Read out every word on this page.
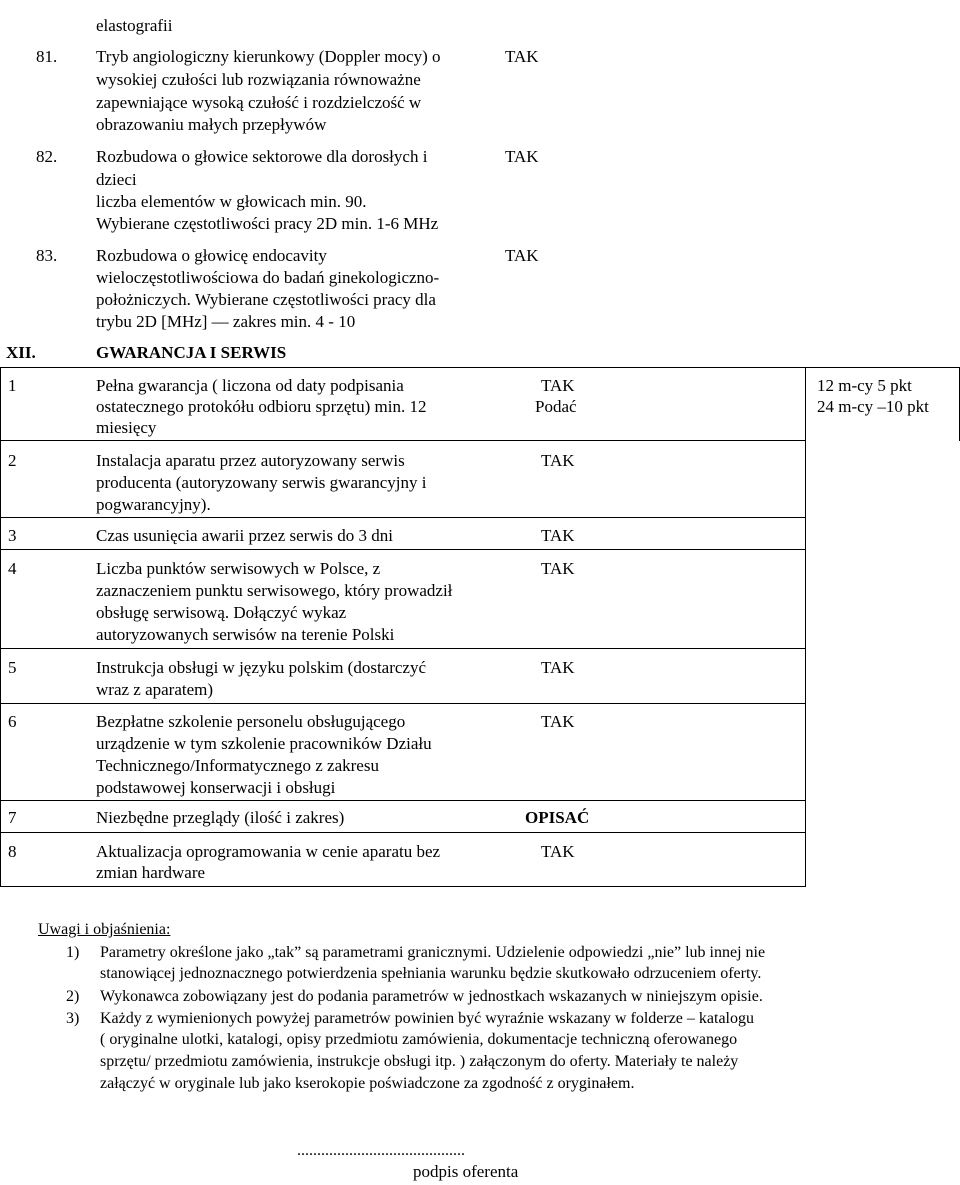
elastografii
81. Tryb angiologiczny kierunkowy (Doppler mocy) o
wysokiej czułości lub rozwiązania równoważne
zapewniające wysoką czułość i rozdzielczość w
obrazowaniu małych przepływów
TAK
82. Rozbudowa o głowice sektorowe dla dorosłych i
dzieci
liczba elementów w głowicach min. 90.
Wybierane częstotliwości pracy 2D min. 1-6 MHz
TAK
83. Rozbudowa o głowicę endocavity
wieloczęstotliwościowa do badań ginekologiczno-
położniczych. Wybierane częstotliwości pracy dla
trybu 2D [MHz] — zakres min. 4 - 10
TAK
XII.	GWARANCJA I SERWIS
1	Pełna gwarancja ( liczona od daty podpisania
ostatecznego protokółu odbioru sprzętu) min. 12
miesięcy
TAK
Podać
12 m-cy 5 pkt
24 m-cy –10 pkt
2	Instalacja aparatu przez autoryzowany serwis
producenta (autoryzowany serwis gwarancyjny i
pogwarancyjny).
TAK
3	Czas usunięcia awarii przez serwis do 3 dni	TAK
4	Liczba punktów serwisowych w Polsce, z
zaznaczeniem punktu serwisowego, który prowadził
obsługę serwisową. Dołączyć wykaz
autoryzowanych serwisów na terenie Polski
TAK
5	Instrukcja obsługi w języku polskim (dostarczyć
wraz z aparatem)
TAK
6	Bezpłatne szkolenie personelu obsługującego
urządzenie w tym szkolenie pracowników Działu
Technicznego/Informatycznego z zakresu
podstawowej konserwacji i obsługi
TAK
7	Niezbędne przeglądy (ilość i zakres)	OPISAĆ
8	Aktualizacja oprogramowania w cenie aparatu bez
zmian hardware
TAK
Uwagi i objaśnienia:
1) Parametry określone jako „tak” są parametrami granicznymi. Udzielenie odpowiedzi „nie” lub innej nie
stanowiącej jednoznacznego potwierdzenia spełniania warunku będzie skutkowało odrzuceniem oferty.
2) Wykonawca zobowiązany jest do podania parametrów w jednostkach wskazanych w niniejszym opisie.
3) Każdy z wymienionych powyżej parametrów powinien być wyraźnie wskazany w folderze – katalogu
( oryginalne ulotki, katalogi, opisy przedmiotu zamówienia, dokumentacje techniczną oferowanego
sprzętu/ przedmiotu zamówienia, instrukcje obsługi itp. ) załączonym do oferty. Materiały te należy
załączyć w oryginale lub jako kserokopie poświadczone za zgodność z oryginałem.
..........................................
podpis oferenta
